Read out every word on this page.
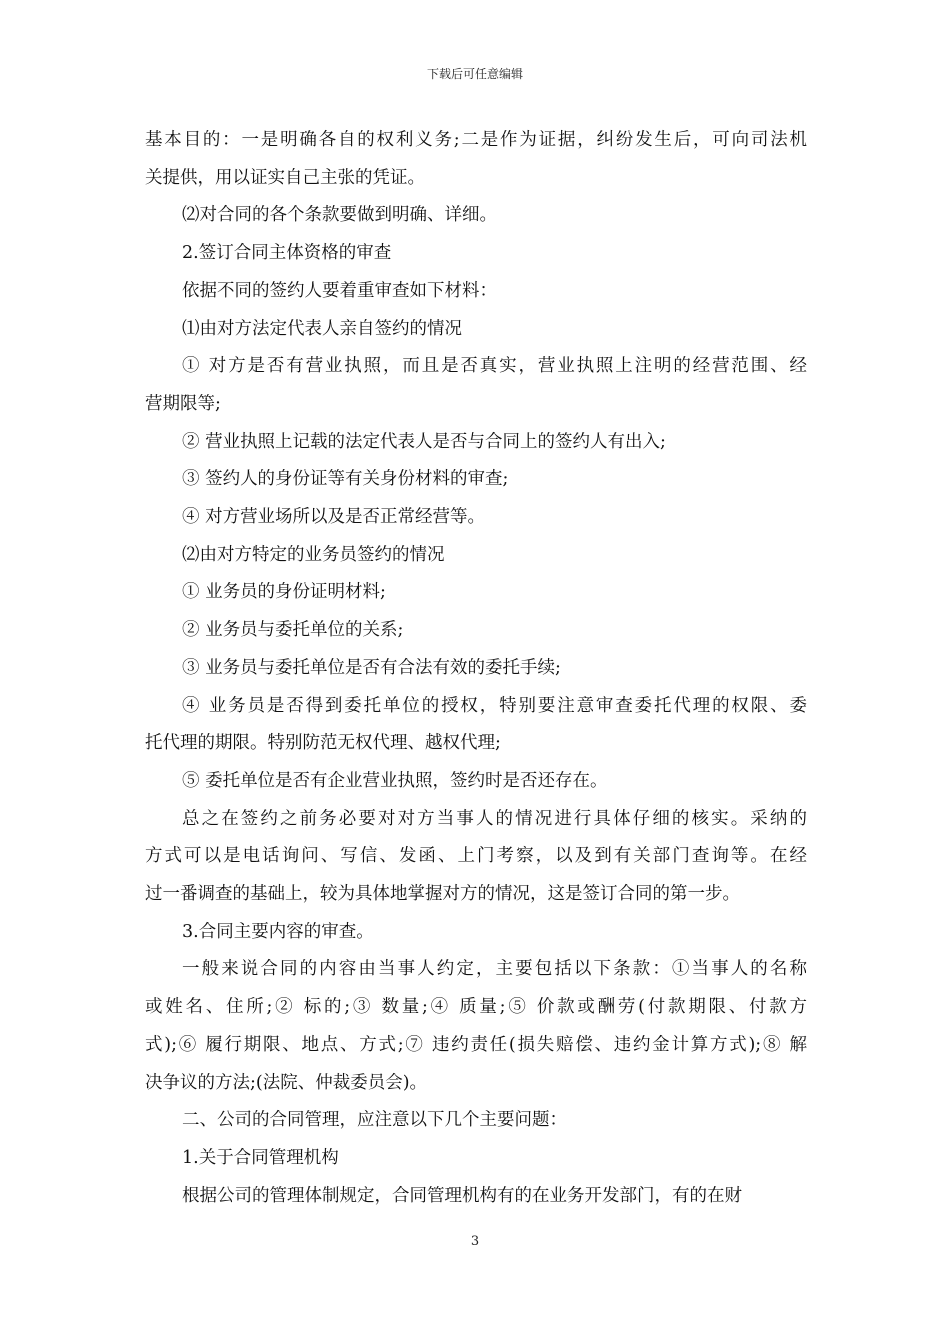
下载后可任意编辑
基本目的：一是明确各自的权利义务;二是作为证据，纠纷发生后，可向司法机
关提供，用以证实自己主张的凭证。
⑵对合同的各个条款要做到明确、详细。
2.签订合同主体资格的审查
依据不同的签约人要着重审查如下材料：
⑴由对方法定代表人亲自签约的情况
① 对方是否有营业执照，而且是否真实，营业执照上注明的经营范围、经
营期限等;
② 营业执照上记载的法定代表人是否与合同上的签约人有出入;
③ 签约人的身份证等有关身份材料的审查;
④ 对方营业场所以及是否正常经营等。
⑵由对方特定的业务员签约的情况
① 业务员的身份证明材料;
② 业务员与委托单位的关系;
③ 业务员与委托单位是否有合法有效的委托手续;
④ 业务员是否得到委托单位的授权，特别要注意审查委托代理的权限、委
托代理的期限。特别防范无权代理、越权代理;
⑤ 委托单位是否有企业营业执照，签约时是否还存在。
总之在签约之前务必要对对方当事人的情况进行具体仔细的核实。采纳的
方式可以是电话询问、写信、发函、上门考察，以及到有关部门查询等。在经
过一番调查的基础上，较为具体地掌握对方的情况，这是签订合同的第一步。
3.合同主要内容的审查。
一般来说合同的内容由当事人约定，主要包括以下条款：①当事人的名称
或姓名、住所;② 标的;③ 数量;④ 质量;⑤ 价款或酬劳(付款期限、付款方
式);⑥ 履行期限、地点、方式;⑦ 违约责任(损失赔偿、违约金计算方式);⑧ 解
决争议的方法;(法院、仲裁委员会)。
二、公司的合同管理，应注意以下几个主要问题：
1.关于合同管理机构
根据公司的管理体制规定，合同管理机构有的在业务开发部门，有的在财
3
